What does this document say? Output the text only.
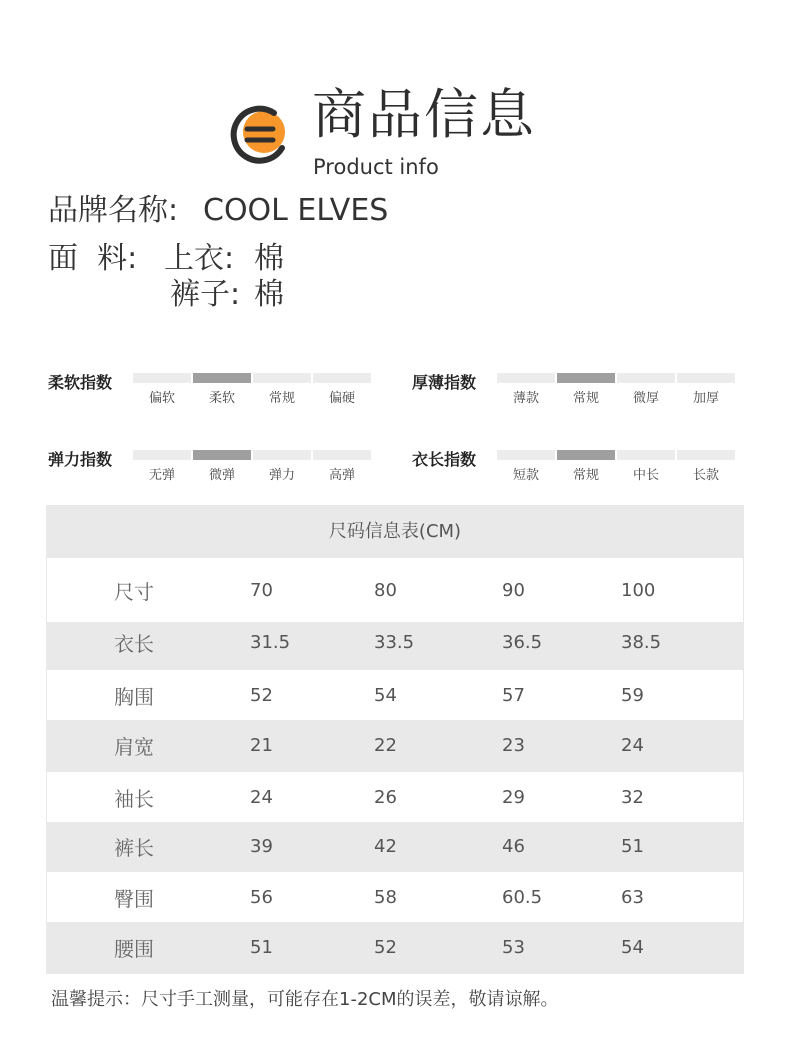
商品信息
Product info
品牌名称: COOL ELVES
面  料: 上衣: 棉
裤子: 棉
柔软指数
偏软	柔软	常规	偏硬
厚薄指数
薄款	常规	微厚	加厚
弹力指数
无弹	微弹	弹力	高弹
衣长指数
短款	常规	中长	长款
尺码信息表(CM)
尺寸	70	80	90	100
衣长	31.5	33.5	36.5	38.5
胸围	52	54	57	59
肩宽	21	22	23	24
袖长	24	26	29	32
裤长	39	42	46	51
臀围	56	58	60.5	63
腰围	51	52	53	54
温馨提示：尺寸手工测量，可能存在1-2CM的误差，敬请谅解。
